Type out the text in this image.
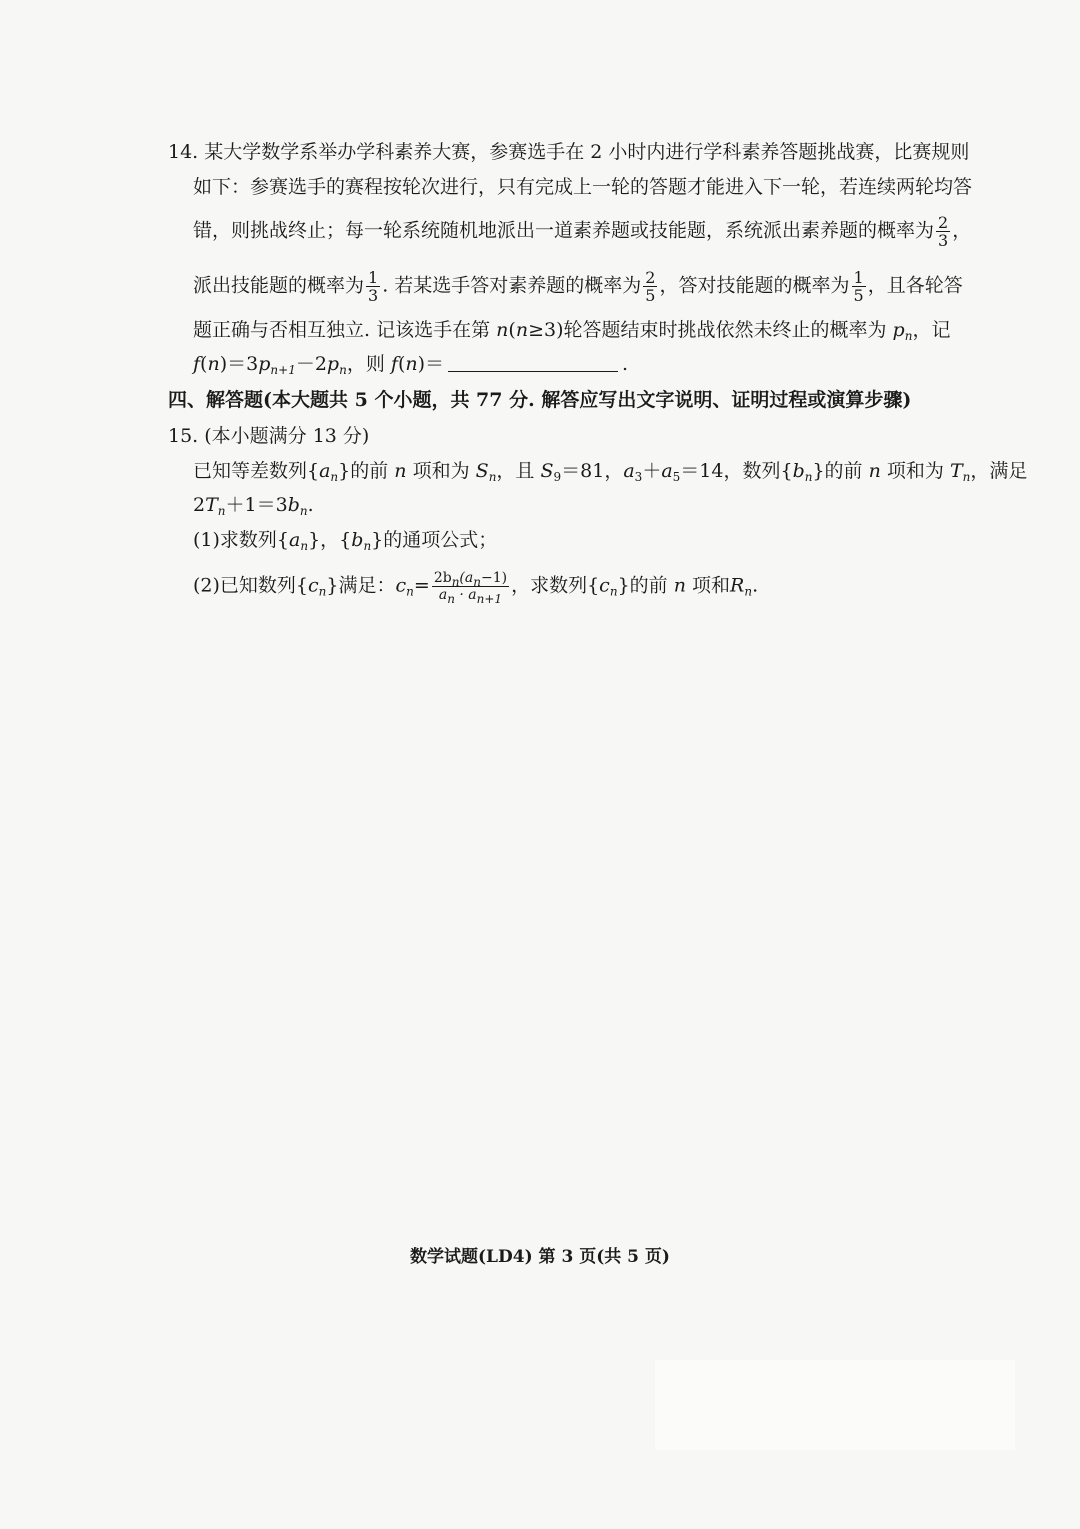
14. 某大学数学系举办学科素养大赛，参赛选手在 2 小时内进行学科素养答题挑战赛，比赛规则
如下：参赛选手的赛程按轮次进行，只有完成上一轮的答题才能进入下一轮，若连续两轮均答
错，则挑战终止；每一轮系统随机地派出一道素养题或技能题，系统派出素养题的概率为 $\frac{2}{3}$ ，
派出技能题的概率为 $\frac{1}{3}$ . 若某选手答对素养题的概率为 $\frac{2}{5}$ ，答对技能题的概率为 $\frac{1}{5}$ ，且各轮答
题正确与否相互独立. 记该选手在第 n(n≥3)轮答题结束时挑战依然未终止的概率为 $p_n$，记
$f(n)=3p_{n+1}-2p_n$，则 f(n)＝	.
四、解答题(本大题共 5 个小题，共 77 分. 解答应写出文字说明、证明过程或演算步骤)
15. (本小题满分 13 分)
已知等差数列$\{a_n\}$的前 n 项和为 $S_n$，且 $S_9=81$，$a_3+a_5=14$，数列$\{b_n\}$的前 n 项和为 $T_n$，满足
$2T_n+1=3b_n$.
(1)求数列$\{a_n\}$，$\{b_n\}$的通项公式；
(2)已知数列$\{c_n\}$满足：$c_n= \frac{2b_n(a_n-1)}{a_n \cdot a_{n+1}}$ ，求数列$\{c_n\}$的前 n 项和$R_n$.
数学试题(LD4) 第 3 页(共 5 页)
